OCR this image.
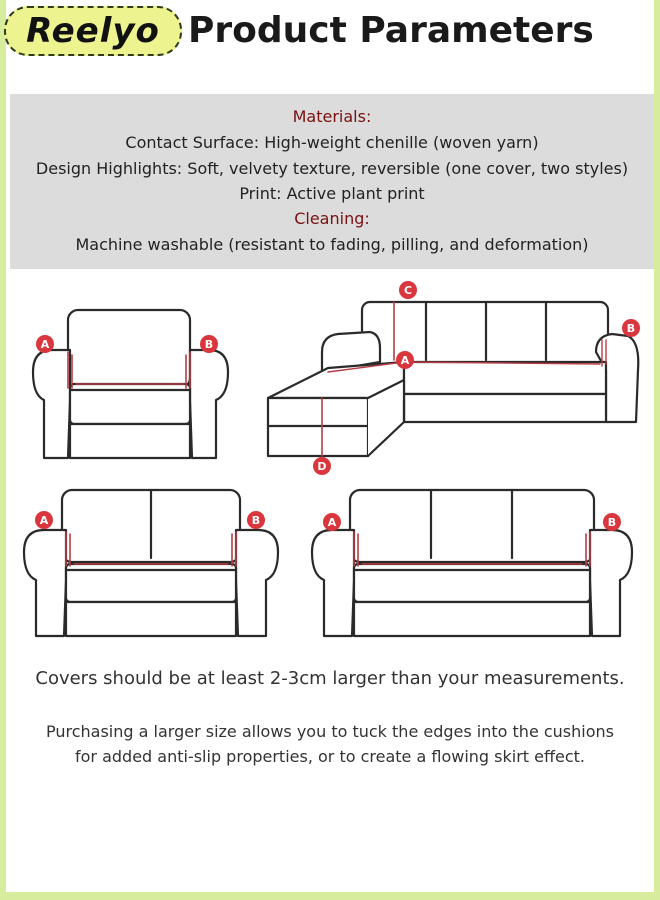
Reelyo Product Parameters
Materials:
Contact Surface: High-weight chenille (woven yarn)
Design Highlights: Soft, velvety texture, reversible (one cover, two styles)
Print: Active plant print
Cleaning:
Machine washable (resistant to fading, pilling, and deformation)
A	B
C
A
B
D
A	B	A	B
Covers should be at least 2-3cm larger than your measurements.
Purchasing a larger size allows you to tuck the edges into the cushions
for added anti-slip properties, or to create a flowing skirt effect.
